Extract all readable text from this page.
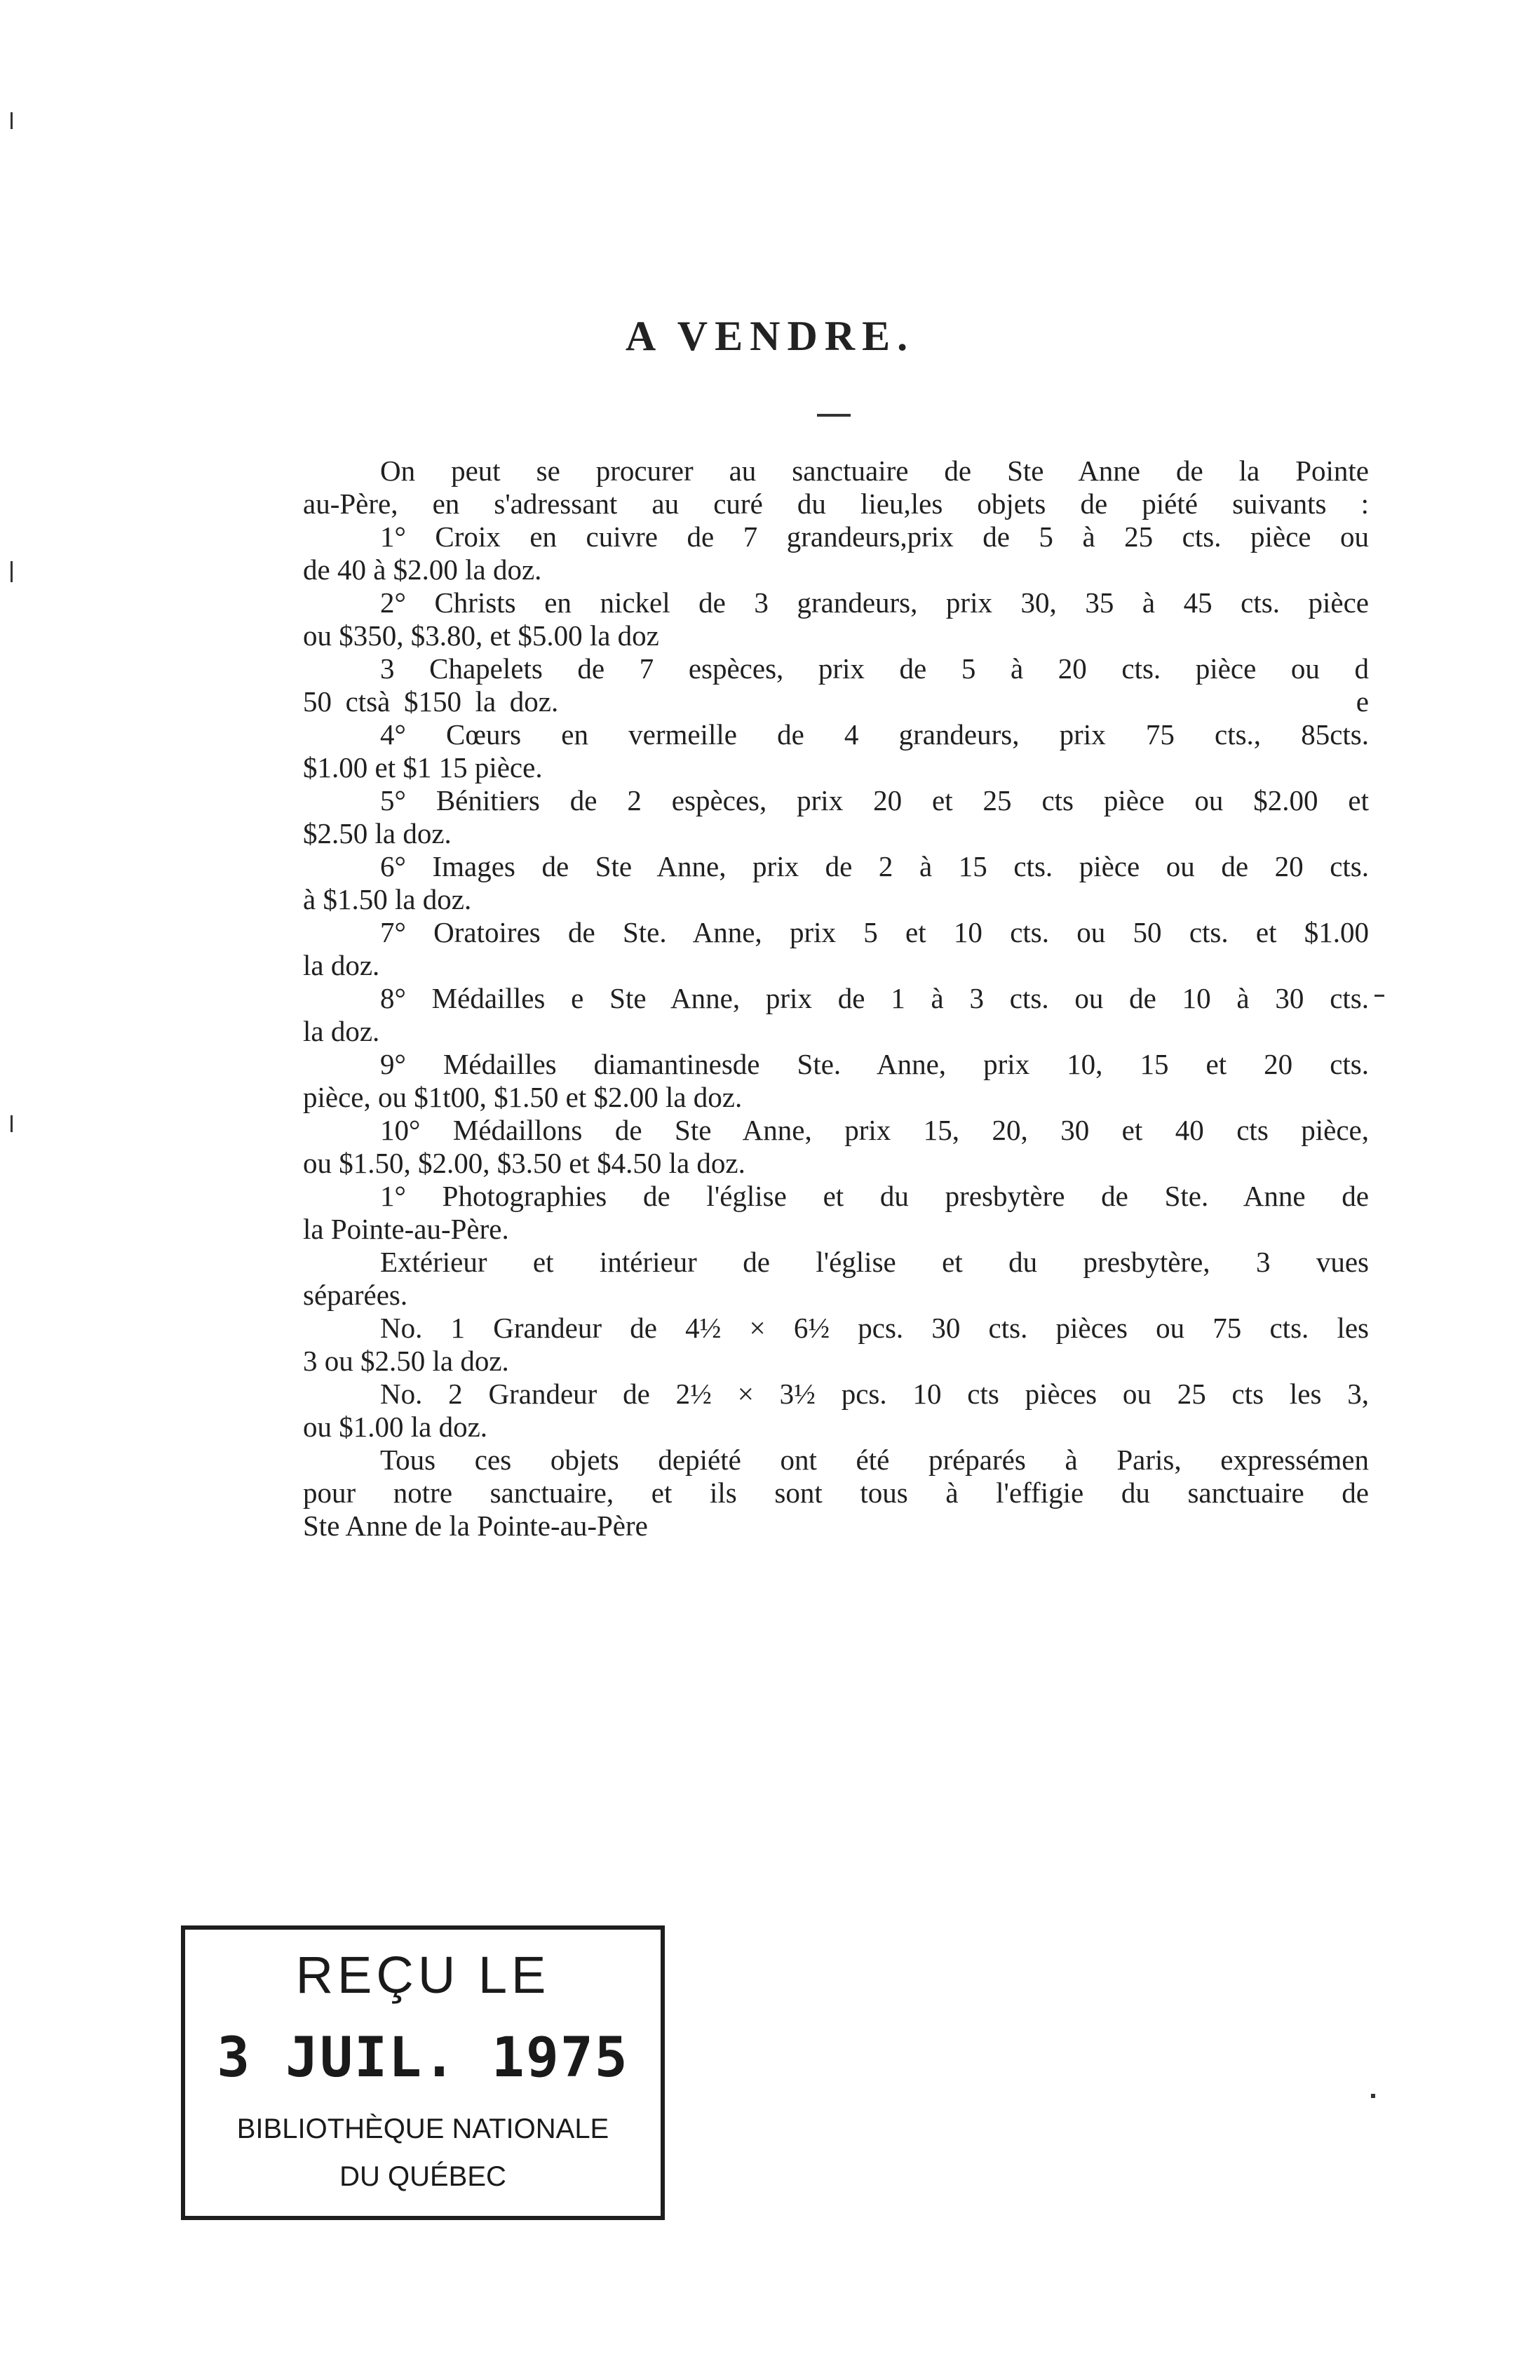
A VENDRE.
On peut se procurer au sanctuaire de Ste Anne de la Pointe
au-Père, en s'adressant au curé du lieu,les objets de piété suivants :
1° Croix en cuivre de 7 grandeurs,prix de 5 à 25 cts. pièce ou
de 40 à $2.00 la doz.
2° Christs en nickel de 3 grandeurs, prix 30, 35 à 45 cts. pièce
ou $350, $3.80, et $5.00 la doz
3 Chapelets de 7 espèces, prix de 5 à 20 cts. pièce ou d
50 ctsà $150 la doz.                                                          e
4° Cœurs en vermeille de 4 grandeurs, prix 75 cts., 85cts.
$1.00 et $1 15 pièce.
5° Bénitiers de 2 espèces, prix 20 et 25 cts pièce ou $2.00 et
$2.50 la doz.
6° Images de Ste Anne, prix de 2 à 15 cts. pièce ou de 20 cts.
à $1.50 la doz.
7° Oratoires de Ste. Anne, prix 5 et 10 cts. ou 50 cts. et $1.00
la doz.
8° Médailles e Ste Anne, prix de 1 à 3 cts. ou de 10 à 30 cts.
la doz.
9° Médailles diamantinesde Ste. Anne, prix 10, 15 et 20 cts.
pièce, ou $1t00, $1.50 et $2.00 la doz.
10° Médaillons de Ste Anne, prix 15, 20, 30 et 40 cts pièce,
ou $1.50, $2.00, $3.50 et $4.50 la doz.
1° Photographies de l'église et du presbytère de Ste. Anne de
la Pointe-au-Père.
Extérieur et intérieur de l'église et du presbytère, 3 vues
séparées.
No. 1 Grandeur de 4½ × 6½ pcs. 30 cts. pièces ou 75 cts. les
3 ou $2.50 la doz.
No. 2 Grandeur de 2½ × 3½ pcs. 10 cts pièces ou 25 cts les 3,
ou $1.00 la doz.
Tous ces objets depiété ont été préparés à Paris, expressémen
pour notre sanctuaire, et ils sont tous à l'effigie du sanctuaire de
Ste Anne de la Pointe-au-Père
REÇU LE
3 JUIL. 1975
BIBLIOTHÈQUE NATIONALE
DU QUÉBEC
